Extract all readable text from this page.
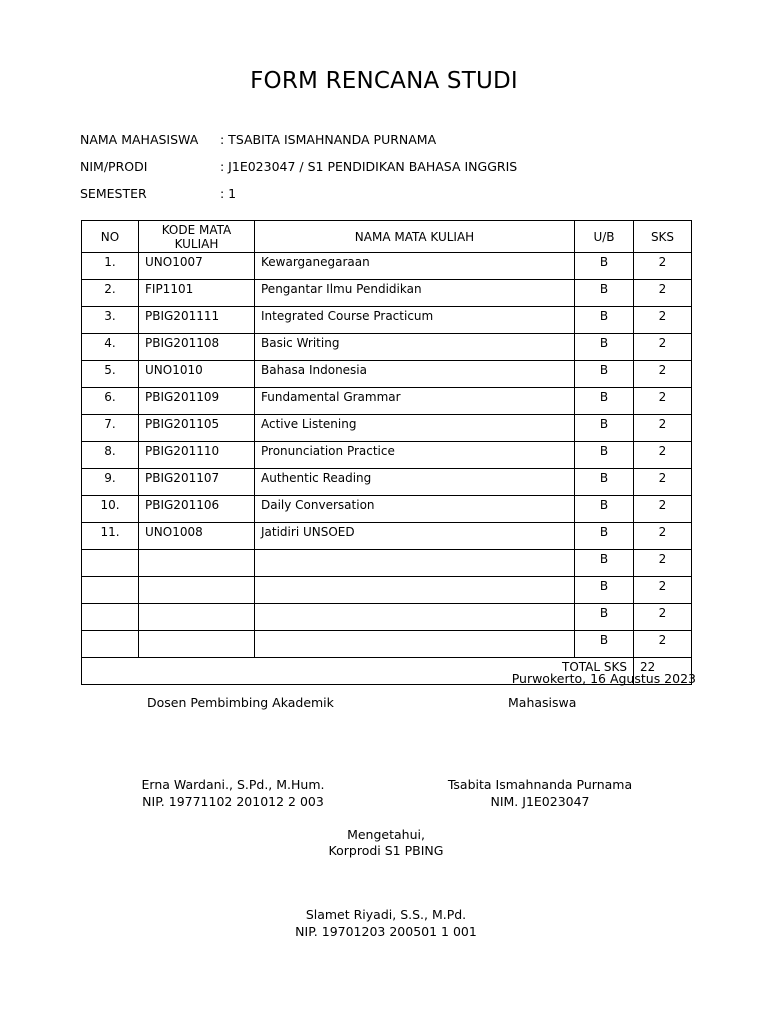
FORM RENCANA STUDI
NAMA MAHASISWA : TSABITA ISMAHNANDA PURNAMA
NIM/PRODI	: J1E023047 / S1 PENDIDIKAN BAHASA INGGRIS
SEMESTER	: 1
NO	KODE MATA KULIAH	NAMA MATA KULIAH	U/B	SKS
1.	UNO1007	Kewarganegaraan	B	2
2.	FIP1101	Pengantar Ilmu Pendidikan	B	2
3.	PBIG201111	Integrated Course Practicum	B	2
4.	PBIG201108	Basic Writing	B	2
5.	UNO1010	Bahasa Indonesia	B	2
6.	PBIG201109	Fundamental Grammar	B	2
7.	PBIG201105	Active Listening	B	2
8.	PBIG201110	Pronunciation Practice	B	2
9.	PBIG201107	Authentic Reading	B	2
10.	PBIG201106	Daily Conversation	B	2
11.	UNO1008	Jatidiri UNSOED	B	2
			B	2
			B	2
			B	2
			B	2
TOTAL SKS				22
Purwokerto, 16 Agustus 2023
Dosen Pembimbing Akademik	Mahasiswa
Erna Wardani., S.Pd., M.Hum.
NIP. 19771102 201012 2 003
Tsabita Ismahnanda Purnama
NIM. J1E023047
Mengetahui,
Korprodi S1 PBING
Slamet Riyadi, S.S., M.Pd.
NIP. 19701203 200501 1 001
